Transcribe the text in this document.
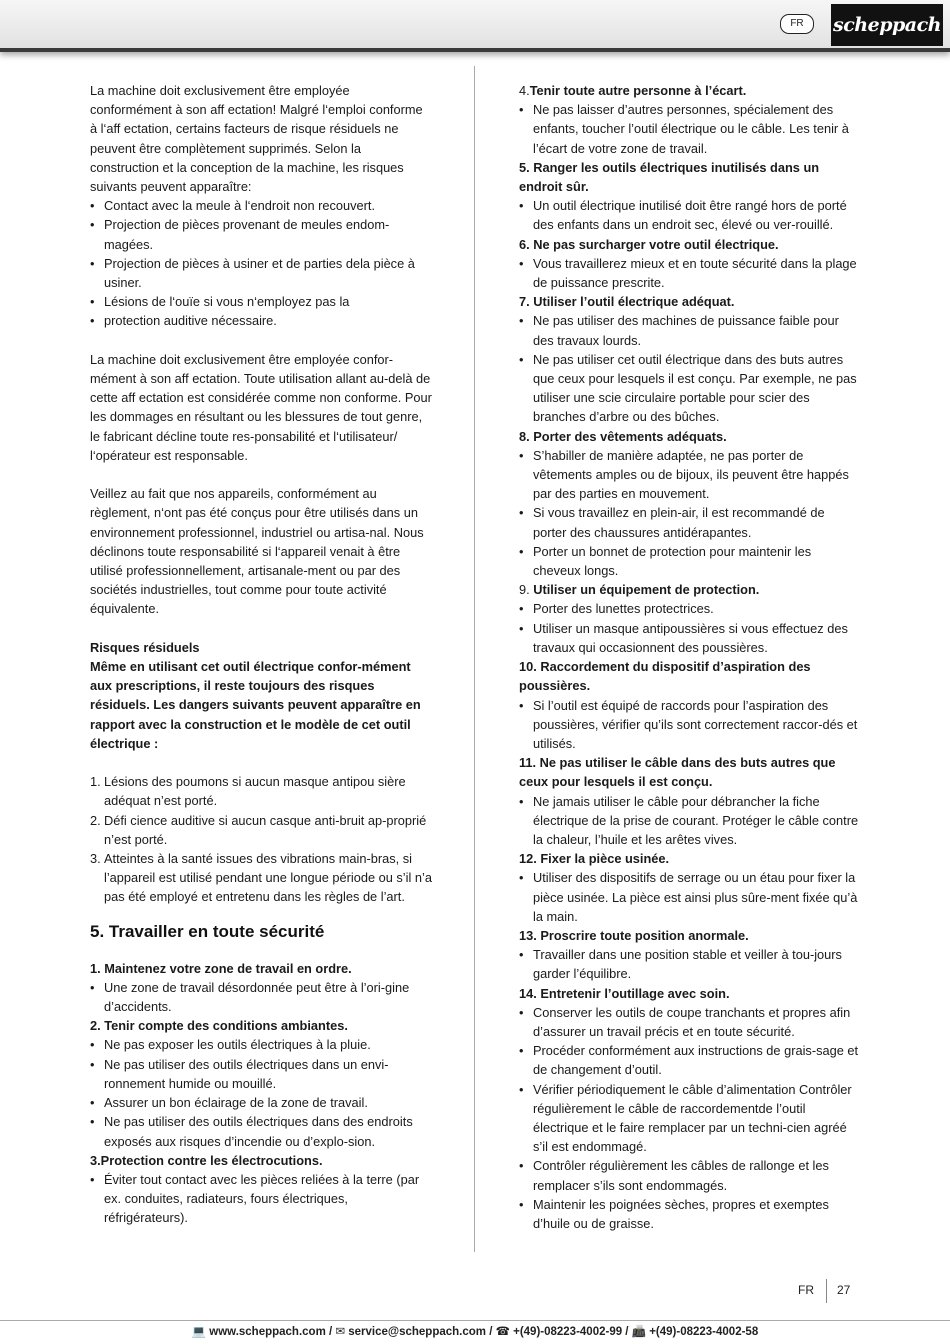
FR	scheppach

La machine doit exclusivement être employée conformément à son aff ectation! Malgré l‘emploi conforme à l‘aff ectation, certains facteurs de risque résiduels ne peuvent être complètement supprimés. Selon la construction et la conception de la machine, les risques suivants peuvent apparaître:

• Contact avec la meule à l‘endroit non recouvert.
• Projection de pièces provenant de meules endom-magées.
• Projection de pièces à usiner et de parties dela pièce à usiner.
• Lésions de l‘ouïe si vous n‘employez pas la
• protection auditive nécessaire.

La machine doit exclusivement être employée confor-mément à son aff ectation. Toute utilisation allant au-delà de cette aff ectation est considérée comme non conforme. Pour les dommages en résultant ou les blessures de tout genre, le fabricant décline toute res-ponsabilité et l‘utilisateur/ l‘opérateur est responsable.

Veillez au fait que nos appareils, conformément au règlement, n‘ont pas été conçus pour être utilisés dans un environnement professionnel, industriel ou artisa-nal. Nous déclinons toute responsabilité si l‘appareil venait à être utilisé professionnellement, artisanale-ment ou par des sociétés industrielles, tout comme pour toute activité équivalente.

Risques résiduels

Même en utilisant cet outil électrique confor-mément aux prescriptions, il reste toujours des risques résiduels. Les dangers suivants peuvent apparaître en rapport avec la construction et le modèle de cet outil électrique :

1. Lésions des poumons si aucun masque antipou sière adéquat n’est porté.
2. Défi cience auditive si aucun casque anti-bruit ap-proprié n’est porté.
3. Atteintes à la santé issues des vibrations main-bras, si l’appareil est utilisé pendant une longue période ou s’il n’a pas été employé et entretenu dans les règles de l’art.
5. Travailler en toute sécurité

1. Maintenez votre zone de travail en ordre.

• Une zone de travail désordonnée peut être à l’ori-gine d’accidents.

2. Tenir compte des conditions ambiantes.

• Ne pas exposer les outils électriques à la pluie.
• Ne pas utiliser des outils électriques dans un envi-ronnement humide ou mouillé.
• Assurer un bon éclairage de la zone de travail.
• Ne pas utiliser des outils électriques dans des endroits exposés aux risques d’incendie ou d’explo-sion.

3.Protection contre les électrocutions.

• Éviter tout contact avec les pièces reliées à la terre (par ex. conduites, radiateurs, fours électriques, réfrigérateurs).

4.Tenir toute autre personne à l’écart.

• Ne pas laisser d’autres personnes, spécialement des enfants, toucher l’outil électrique ou le câble. Les tenir à l’écart de votre zone de travail.

5. Ranger les outils électriques inutilisés dans un endroit sûr.

• Un outil électrique inutilisé doit être rangé hors de porté des enfants dans un endroit sec, élevé ou ver-rouillé.

6. Ne pas surcharger votre outil électrique.

• Vous travaillerez mieux et en toute sécurité dans la plage de puissance prescrite.

7. Utiliser l’outil électrique adéquat.

• Ne pas utiliser des machines de puissance faible pour des travaux lourds.
• Ne pas utiliser cet outil électrique dans des buts autres que ceux pour lesquels il est conçu. Par exemple, ne pas utiliser une scie circulaire portable pour scier des branches d’arbre ou des bûches.

8. Porter des vêtements adéquats.

• S’habiller de manière adaptée, ne pas porter de vêtements amples ou de bijoux, ils peuvent être happés par des parties en mouvement.
• Si vous travaillez en plein-air, il est recommandé de porter des chaussures antidérapantes.
• Porter un bonnet de protection pour maintenir les cheveux longs.

9. Utiliser un équipement de protection.

• Porter des lunettes protectrices.
• Utiliser un masque antipoussières si vous effectuez des travaux qui occasionnent des poussières.

10. Raccordement du dispositif d’aspiration des poussières.

• Si l’outil est équipé de raccords pour l’aspiration des poussières, vérifier qu’ils sont correctement raccor-dés et utilisés.

11. Ne pas utiliser le câble dans des buts autres que ceux pour lesquels il est conçu.

• Ne jamais utiliser le câble pour débrancher la fiche électrique de la prise de courant. Protéger le câble contre la chaleur, l’huile et les arêtes vives.

12. Fixer la pièce usinée.

• Utiliser des dispositifs de serrage ou un étau pour fixer la pièce usinée. La pièce est ainsi plus sûre-ment fixée qu’à la main.

13. Proscrire toute position anormale.

• Travailler dans une position stable et veiller à tou-jours garder l’équilibre.

14. Entretenir l’outillage avec soin.

• Conserver les outils de coupe tranchants et propres afin d’assurer un travail précis et en toute sécurité.
• Procéder conformément aux instructions de grais-sage et de changement d’outil.
• Vérifier périodiquement le câble d’alimentation Contrôler régulièrement le câble de raccordementde l’outil électrique et le faire remplacer par un techni-cien agréé s’il est endommagé.
• Contrôler régulièrement les câbles de rallonge et les remplacer s’ils sont endommagés.
• Maintenir les poignées sèches, propres et exemptes d’huile ou de graisse.
FR 27
💻 www.scheppach.com / ✉ service@scheppach.com / ☎ +(49)-08223-4002-99 / 📠 +(49)-08223-4002-58
